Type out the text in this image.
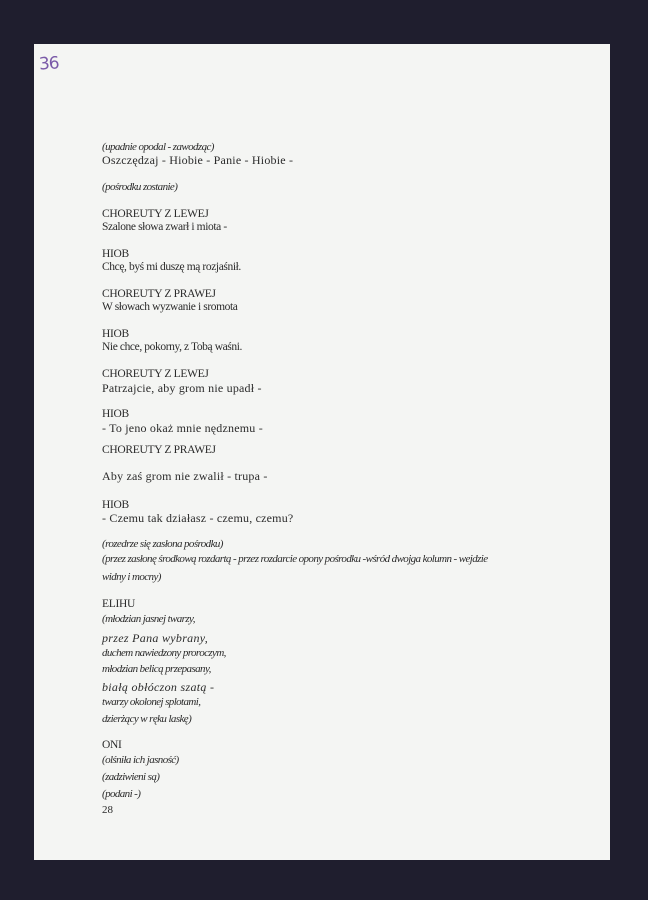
36
(upadnie opodal - zawodząc)
Oszczędzaj - Hiobie - Panie - Hiobie -
(pośrodku zostanie)
CHOREUTY Z LEWEJ
Szalone słowa zwarł i miota -
HIOB
Chcę, byś mi duszę mą rozjaśnił.
CHOREUTY Z PRAWEJ
W słowach wyzwanie i sromota
HIOB
Nie chce, pokorny, z Tobą waśni.
CHOREUTY Z LEWEJ
Patrzajcie, aby grom nie upadł -
HIOB
- To jeno okaż mnie nędznemu -
CHOREUTY Z PRAWEJ
Aby zaś grom nie zwalił - trupa -
HIOB
- Czemu tak działasz - czemu, czemu?
(rozedrze się zasłona pośrodku)
(przez zasłonę środkową rozdartą - przez rozdarcie opony pośrodku -wśród dwojga kolumn - wejdzie
widny i mocny)
ELIHU
(młodzian jasnej twarzy,
przez Pana wybrany,
duchem nawiedzony proroczym,
młodzian belicą przepasany,
białą obłóczon szatą -
twarzy okolonej splotami,
dzierżący w ręku laskę)
ONI
(olśniła ich jasność)
(zadziwieni są)
(podani -)
28
